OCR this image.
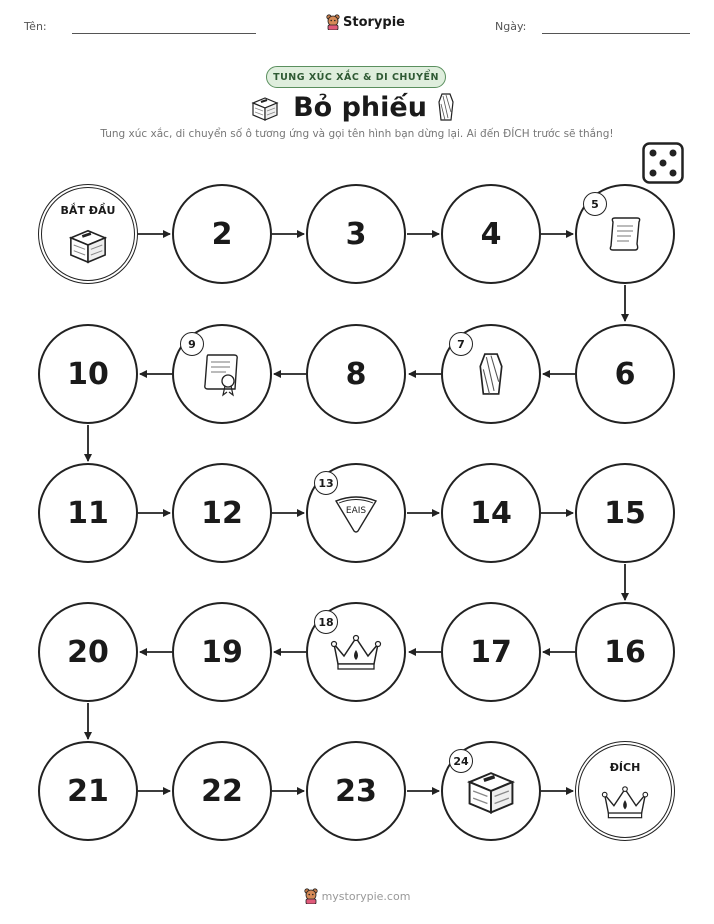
Tên:	Storypie	Ngày:
TUNG XÚC XẮC & DI CHUYỂN
Bỏ phiếu
Tung xúc xắc, di chuyển số ô tương ứng và gọi tên hình bạn dừng lại. Ai đến ĐÍCH trước sẽ thắng!
BẮT ĐẦU
2	3	4
5
10
9
8
7
6
11	12
13
EAIS	14	15
20	19
18
17	16
21	22	23
24	ĐÍCH
mystorypie.com
